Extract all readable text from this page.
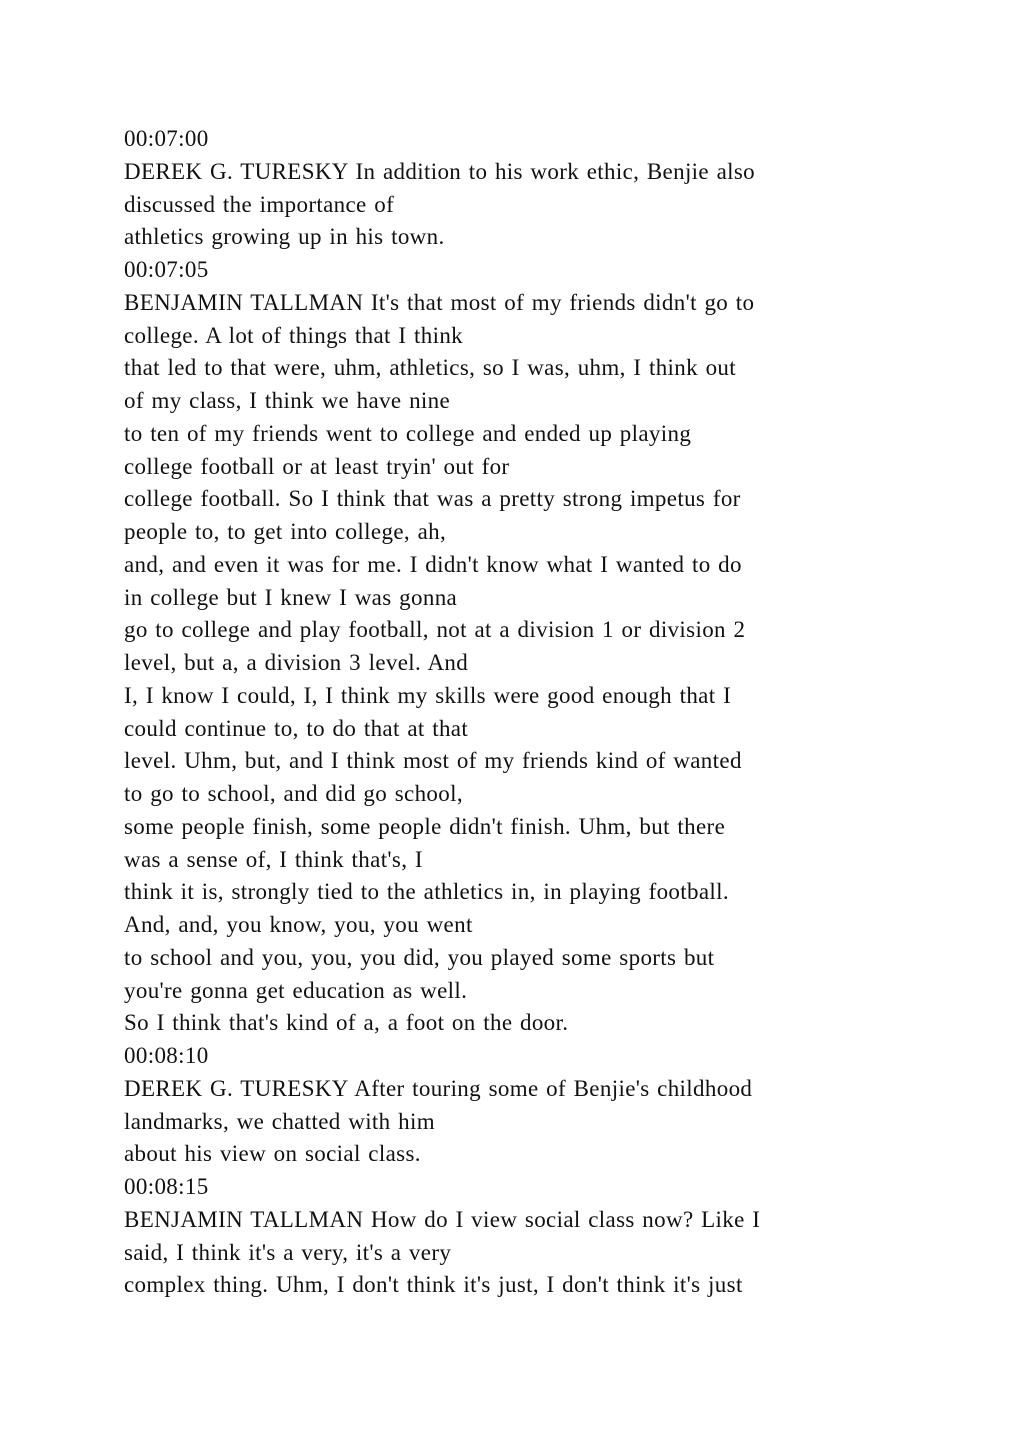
00:07:00
DEREK G. TURESKY In addition to his work ethic, Benjie also
discussed the importance of
athletics growing up in his town.
00:07:05
BENJAMIN TALLMAN It's that most of my friends didn't go to
college. A lot of things that I think
that led to that were, uhm, athletics, so I was, uhm, I think out
of my class, I think we have nine
to ten of my friends went to college and ended up playing
college football or at least tryin' out for
college football. So I think that was a pretty strong impetus for
people to, to get into college, ah,
and, and even it was for me. I didn't know what I wanted to do
in college but I knew I was gonna
go to college and play football, not at a division 1 or division 2
level, but a, a division 3 level. And
I, I know I could, I, I think my skills were good enough that I
could continue to, to do that at that
level. Uhm, but, and I think most of my friends kind of wanted
to go to school, and did go school,
some people finish, some people didn't finish. Uhm, but there
was a sense of, I think that's, I
think it is, strongly tied to the athletics in, in playing football.
And, and, you know, you, you went
to school and you, you, you did, you played some sports but
you're gonna get education as well.
So I think that's kind of a, a foot on the door.
00:08:10
DEREK G. TURESKY After touring some of Benjie's childhood
landmarks, we chatted with him
about his view on social class.
00:08:15
BENJAMIN TALLMAN How do I view social class now? Like I
said, I think it's a very, it's a very
complex thing. Uhm, I don't think it's just, I don't think it's just
